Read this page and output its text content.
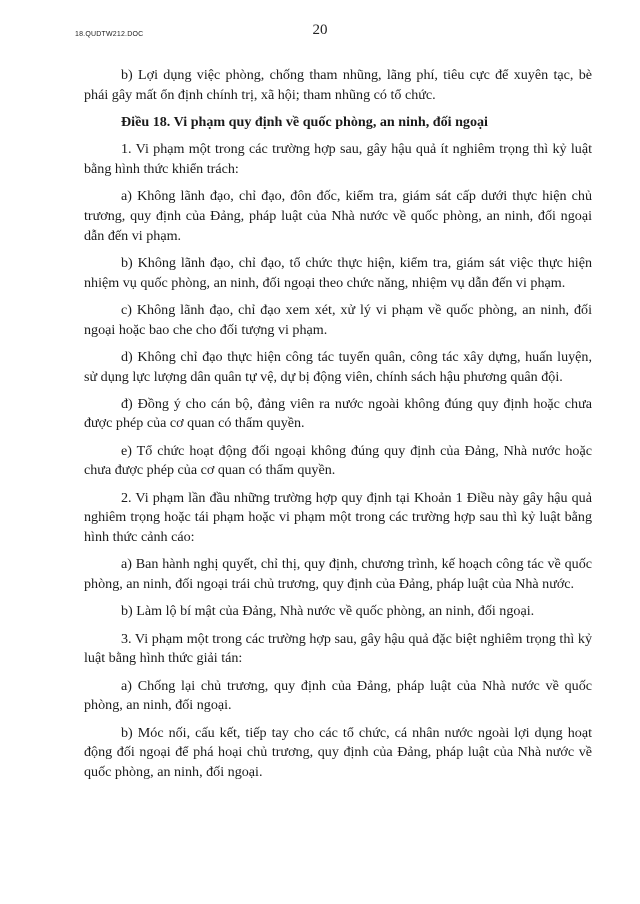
18.QUDTW212.DOC	20

b) Lợi dụng việc phòng, chống tham nhũng, lãng phí, tiêu cực để xuyên tạc, bè phái gây mất ổn định chính trị, xã hội; tham nhũng có tổ chức.

Điều 18. Vi phạm quy định về quốc phòng, an ninh, đối ngoại

1. Vi phạm một trong các trường hợp sau, gây hậu quả ít nghiêm trọng thì kỷ luật bằng hình thức khiển trách:

a) Không lãnh đạo, chỉ đạo, đôn đốc, kiểm tra, giám sát cấp dưới thực hiện chủ trương, quy định của Đảng, pháp luật của Nhà nước về quốc phòng, an ninh, đối ngoại dẫn đến vi phạm.

b) Không lãnh đạo, chỉ đạo, tổ chức thực hiện, kiểm tra, giám sát việc thực hiện nhiệm vụ quốc phòng, an ninh, đối ngoại theo chức năng, nhiệm vụ dẫn đến vi phạm.

c) Không lãnh đạo, chỉ đạo xem xét, xử lý vi phạm về quốc phòng, an ninh, đối ngoại hoặc bao che cho đối tượng vi phạm.

d) Không chỉ đạo thực hiện công tác tuyển quân, công tác xây dựng, huấn luyện, sử dụng lực lượng dân quân tự vệ, dự bị động viên, chính sách hậu phương quân đội.

đ) Đồng ý cho cán bộ, đảng viên ra nước ngoài không đúng quy định hoặc chưa được phép của cơ quan có thẩm quyền.

e) Tổ chức hoạt động đối ngoại không đúng quy định của Đảng, Nhà nước hoặc chưa được phép của cơ quan có thẩm quyền.

2. Vi phạm lần đầu những trường hợp quy định tại Khoản 1 Điều này gây hậu quả nghiêm trọng hoặc tái phạm hoặc vi phạm một trong các trường hợp sau thì kỷ luật bằng hình thức cảnh cáo:

a) Ban hành nghị quyết, chỉ thị, quy định, chương trình, kế hoạch công tác về quốc phòng, an ninh, đối ngoại trái chủ trương, quy định của Đảng, pháp luật của Nhà nước.

b) Làm lộ bí mật của Đảng, Nhà nước về quốc phòng, an ninh, đối ngoại.

3. Vi phạm một trong các trường hợp sau, gây hậu quả đặc biệt nghiêm trọng thì kỷ luật bằng hình thức giải tán:

a) Chống lại chủ trương, quy định của Đảng, pháp luật của Nhà nước về quốc phòng, an ninh, đối ngoại.

b) Móc nối, cấu kết, tiếp tay cho các tổ chức, cá nhân nước ngoài lợi dụng hoạt động đối ngoại để phá hoại chủ trương, quy định của Đảng, pháp luật của Nhà nước về quốc phòng, an ninh, đối ngoại.
